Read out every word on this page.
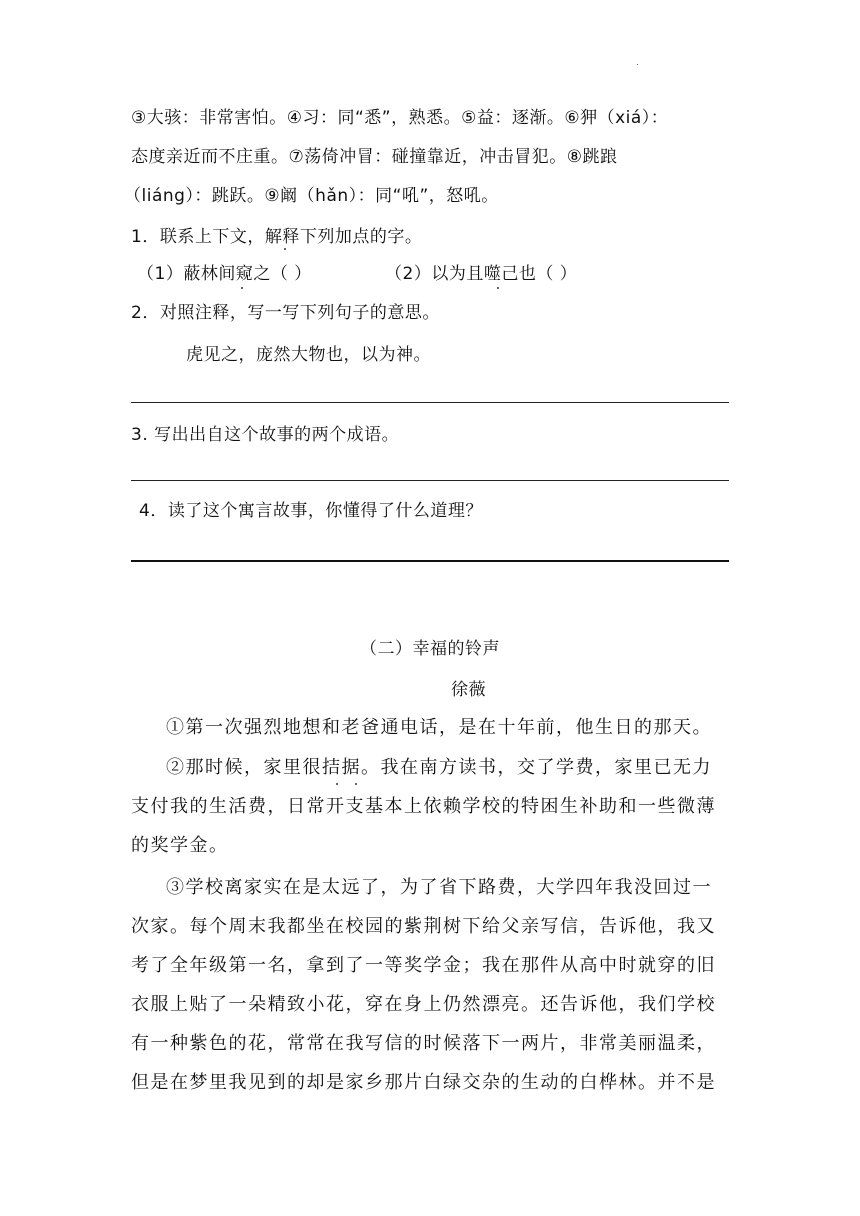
③大骇：非常害怕。④习：同“悉”，熟悉。⑤益：逐渐。⑥狎（xiá）：
态度亲近而不庄重。⑦荡倚冲冒：碰撞靠近，冲击冒犯。⑧跳踉
（liáng）：跳跃。⑨阚（hǎn）：同“吼”，怒吼。
1．联系上下文，解释下列加点的字。
（1）蔽林间窥之（ ）	（2）以为且噬己也（ ）
2．对照注释，写一写下列句子的意思。
虎见之，庞然大物也，以为神。
3. 写出出自这个故事的两个成语。
4．读了这个寓言故事，你懂得了什么道理？
（二）幸福的铃声
徐薇
①第一次强烈地想和老爸通电话，是在十年前，他生日的那天。
②那时候，家里很拮据。我在南方读书，交了学费，家里已无力
支付我的生活费，日常开支基本上依赖学校的特困生补助和一些微薄
的奖学金。
③学校离家实在是太远了，为了省下路费，大学四年我没回过一
次家。每个周末我都坐在校园的紫荆树下给父亲写信，告诉他，我又
考了全年级第一名，拿到了一等奖学金；我在那件从高中时就穿的旧
衣服上贴了一朵精致小花，穿在身上仍然漂亮。还告诉他，我们学校
有一种紫色的花，常常在我写信的时候落下一两片，非常美丽温柔，
但是在梦里我见到的却是家乡那片白绿交杂的生动的白桦林。并不是
